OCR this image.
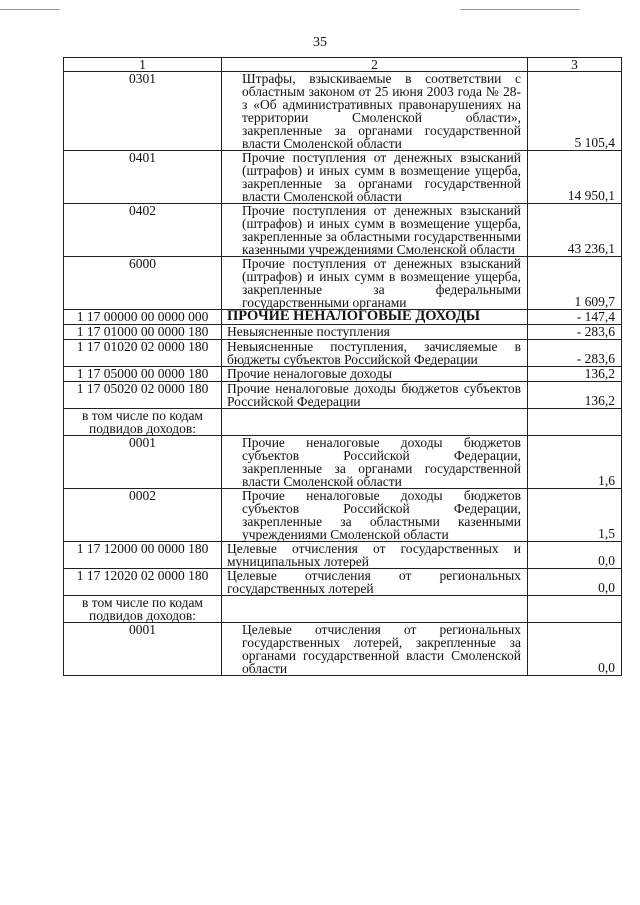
35
1	2	3
0301	Штрафы, взыскиваемые в соответствии с областным законом от 25 июня 2003 года № 28-з «Об административных правонарушениях на территории Смоленской области», закрепленные за органами государственной власти Смоленской области	5 105,4
0401	Прочие поступления от денежных взысканий (штрафов) и иных сумм в возмещение ущерба, закрепленные за органами государственной власти Смоленской области	14 950,1
0402	Прочие поступления от денежных взысканий (штрафов) и иных сумм в возмещение ущерба, закрепленные за областными государственными казенными учреждениями Смоленской области	43 236,1
6000	Прочие поступления от денежных взысканий (штрафов) и иных сумм в возмещение ущерба, закрепленные за федеральными государственными органами	1 609,7
1 17 00000 00 0000 000	ПРОЧИЕ НЕНАЛОГОВЫЕ ДОХОДЫ	- 147,4
1 17 01000 00 0000 180	Невыясненные поступления	- 283,6
1 17 01020 02 0000 180	Невыясненные поступления, зачисляемые в бюджеты субъектов Российской Федерации	- 283,6
1 17 05000 00 0000 180	Прочие неналоговые доходы	136,2
1 17 05020 02 0000 180	Прочие неналоговые доходы бюджетов субъектов Российской Федерации	136,2
в том числе по кодам подвидов доходов:		
0001	Прочие неналоговые доходы бюджетов субъектов Российской Федерации, закрепленные за органами государственной власти Смоленской области	1,6
0002	Прочие неналоговые доходы бюджетов субъектов Российской Федерации, закрепленные за областными казенными учреждениями Смоленской области	1,5
1 17 12000 00 0000 180	Целевые отчисления от государственных и муниципальных лотерей	0,0
1 17 12020 02 0000 180	Целевые отчисления от региональных государственных лотерей	0,0
в том числе по кодам подвидов доходов:		
0001	Целевые отчисления от региональных государственных лотерей, закрепленные за органами государственной власти Смоленской области	0,0
